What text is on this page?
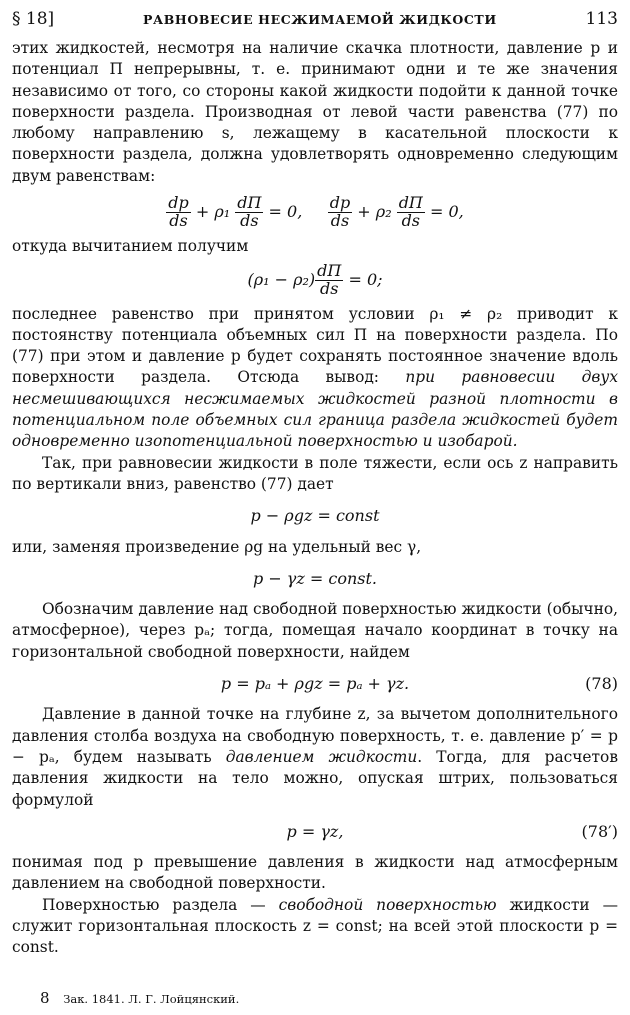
§ 18]	РАВНОВЕСИЕ НЕСЖИМАЕМОЙ ЖИДКОСТИ	113

этих жидкостей, несмотря на наличие скачка плотности, давление p и потенциал Π непрерывны, т. е. принимают одни и те же значения независимо от того, со стороны какой жидкости подойти к данной точке поверхности раздела. Производная от левой части равенства (77) по любому направлению s, лежащему в касательной плоскости к поверхности раздела, должна удовлетворять одновременно следующим двум равенствам:

$\frac{dp}{ds} + \rho_1 \frac{d\Pi}{ds} = 0$, $\frac{dp}{ds} + \rho_2 \frac{d\Pi}{ds} = 0$,

откуда вычитанием получим

$(\rho_1 - \rho_2) \frac{d\Pi}{ds} = 0$;

последнее равенство при принятом условии ρ₁ ≠ ρ₂ приводит к постоянству потенциала объемных сил Π на поверхности раздела. По (77) при этом и давление p будет сохранять постоянное значение вдоль поверхности раздела. Отсюда вывод: при равновесии двух несмешивающихся несжимаемых жидкостей разной плотности в потенциальном поле объемных сил граница раздела жидкостей будет одновременно изопотенциальной поверхностью и изобарой.

Так, при равновесии жидкости в поле тяжести, если ось z направить по вертикали вниз, равенство (77) дает

p − ρgz = const

или, заменяя произведение ρg на удельный вес γ,

p − γz = const.

Обозначим давление над свободной поверхностью жидкости (обычно, атмосферное), через pₐ; тогда, помещая начало координат в точку на горизонтальной свободной поверхности, найдем

p = pₐ + ρgz = pₐ + γz.	(78)

Давление в данной точке на глубине z, за вычетом дополнительного давления столба воздуха на свободную поверхность, т. е. давление p′ = p − pₐ, будем называть давлением жидкости. Тогда, для расчетов давления жидкости на тело можно, опуская штрих, пользоваться формулой

p = γz,	(78′)

понимая под p превышение давления в жидкости над атмосферным давлением на свободной поверхности.

Поверхностью раздела — свободной поверхностью жидкости — служит горизонтальная плоскость z = const; на всей этой плоскости p = const.

8 Зак. 1841. Л. Г. Лойцянский.
